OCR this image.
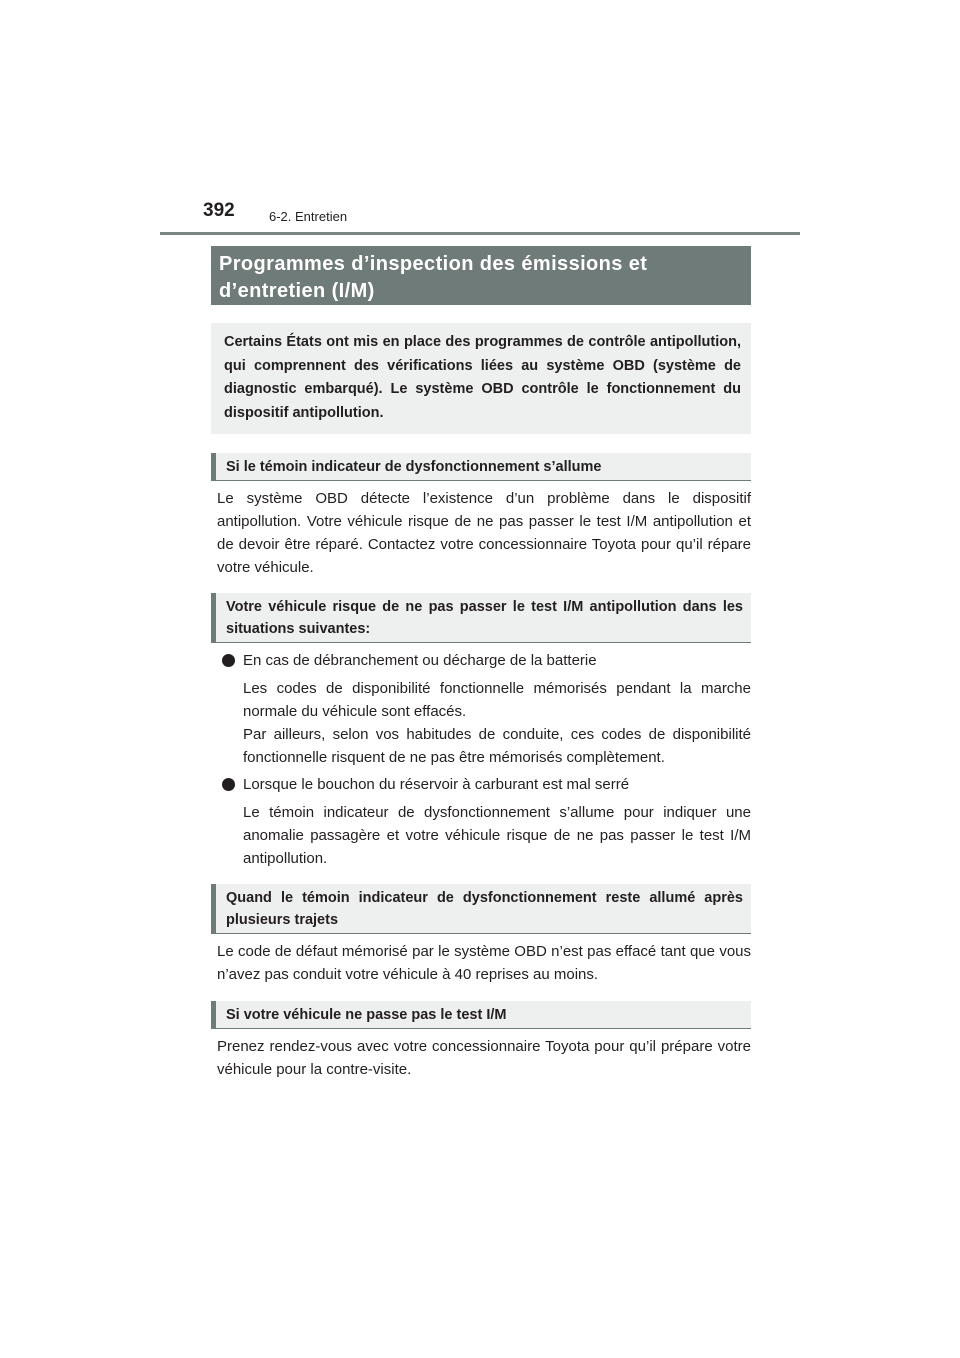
392	6-2. Entretien
Programmes d’inspection des émissions et d’entretien (I/M)
Certains États ont mis en place des programmes de contrôle antipollution, qui comprennent des vérifications liées au système OBD (système de diagnostic embarqué). Le système OBD contrôle le fonctionnement du dispositif antipollution.
Si le témoin indicateur de dysfonctionnement s’allume
Le système OBD détecte l’existence d’un problème dans le dispositif antipollution. Votre véhicule risque de ne pas passer le test I/M antipollution et de devoir être réparé. Contactez votre concessionnaire Toyota pour qu’il répare votre véhicule.
Votre véhicule risque de ne pas passer le test I/M antipollution dans les situations suivantes:
En cas de débranchement ou décharge de la batterie
Les codes de disponibilité fonctionnelle mémorisés pendant la marche normale du véhicule sont effacés.
Par ailleurs, selon vos habitudes de conduite, ces codes de disponibilité fonctionnelle risquent de ne pas être mémorisés complètement.
Lorsque le bouchon du réservoir à carburant est mal serré
Le témoin indicateur de dysfonctionnement s’allume pour indiquer une anomalie passagère et votre véhicule risque de ne pas passer le test I/M antipollution.
Quand le témoin indicateur de dysfonctionnement reste allumé après plusieurs trajets
Le code de défaut mémorisé par le système OBD n’est pas effacé tant que vous n’avez pas conduit votre véhicule à 40 reprises au moins.
Si votre véhicule ne passe pas le test I/M
Prenez rendez-vous avec votre concessionnaire Toyota pour qu’il prépare votre véhicule pour la contre-visite.
